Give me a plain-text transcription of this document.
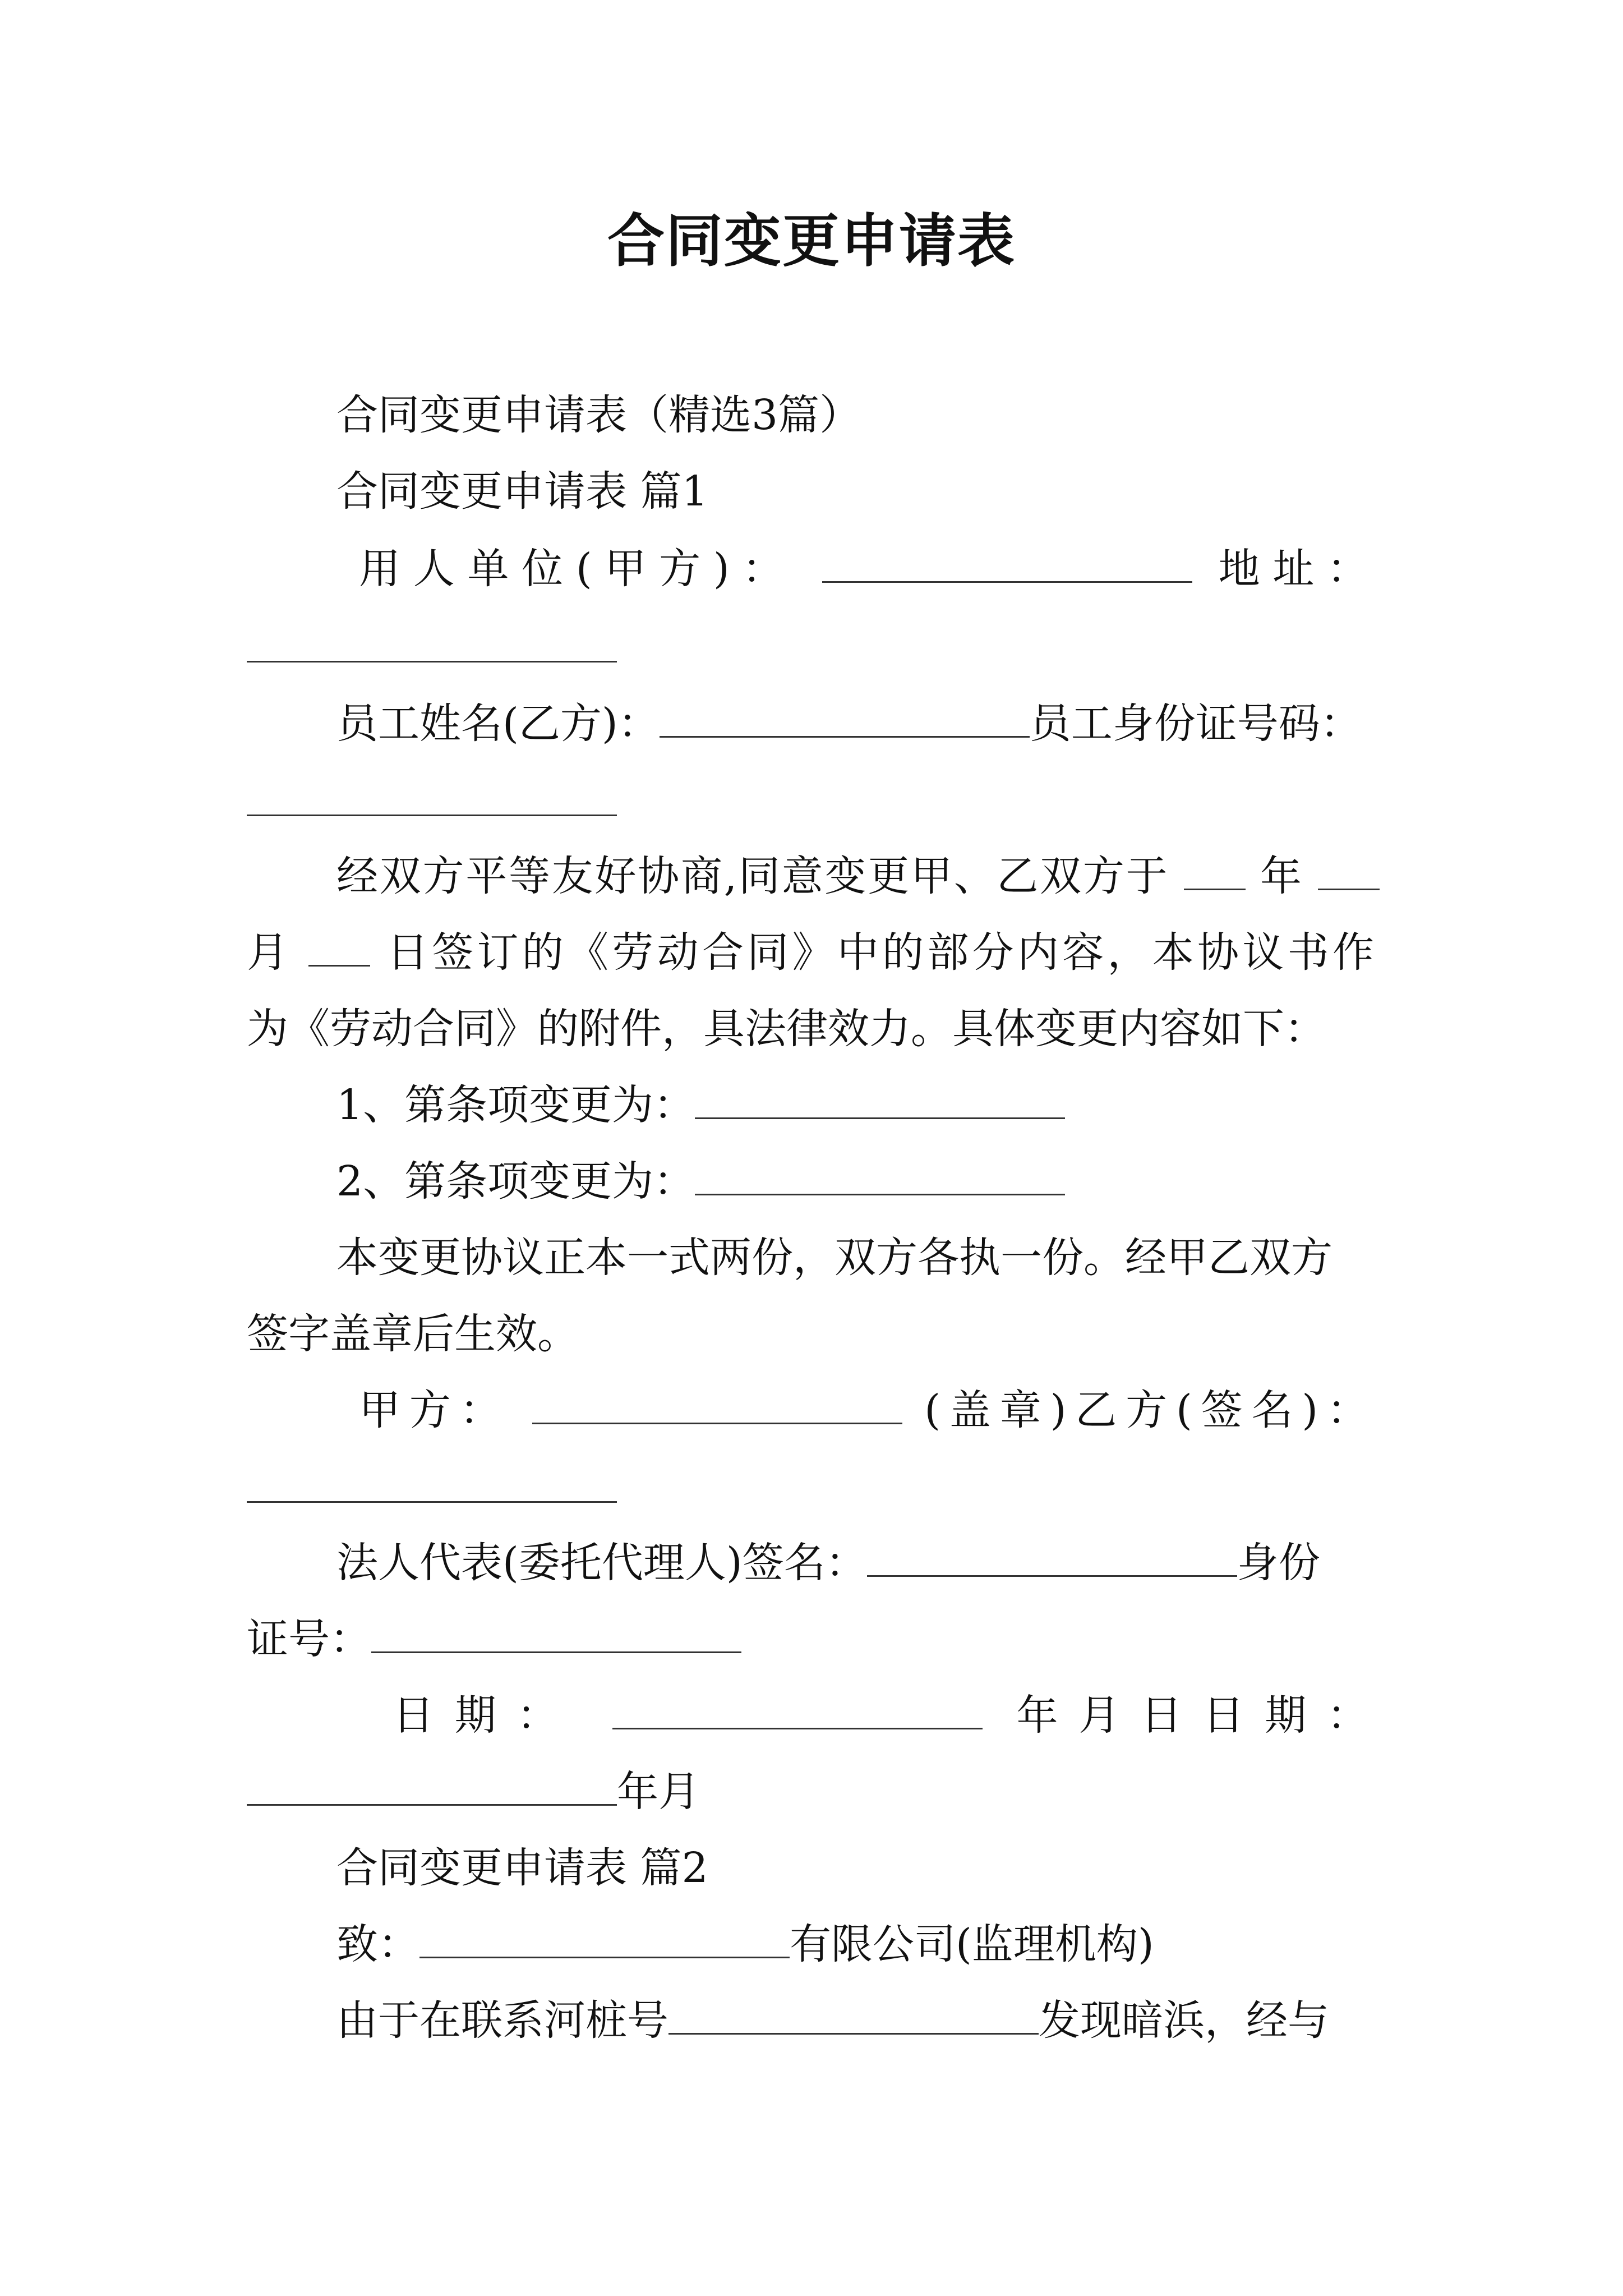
合同变更申请表
合同变更申请表（精选3篇）
合同变更申请表 篇1
用人单位(甲方)：	地址：
员工姓名(乙方)：	员工身份证号码：
经双方平等友好协商,同意变更甲、乙双方于 年
月 日签订的《劳动合同》中的部分内容，本协议书作
为《劳动合同》的附件，具法律效力。具体变更内容如下：
1、第条项变更为：
2、第条项变更为：
本变更协议正本一式两份，双方各执一份。经甲乙双方
签字盖章后生效。
甲方：	(盖章)乙方(签名)：
法人代表(委托代理人)签名：	身份
证号：
日期：	年月日日期：
年月
合同变更申请表 篇2
致：	有限公司(监理机构)
由于在联系河桩号	发现暗浜，经与
